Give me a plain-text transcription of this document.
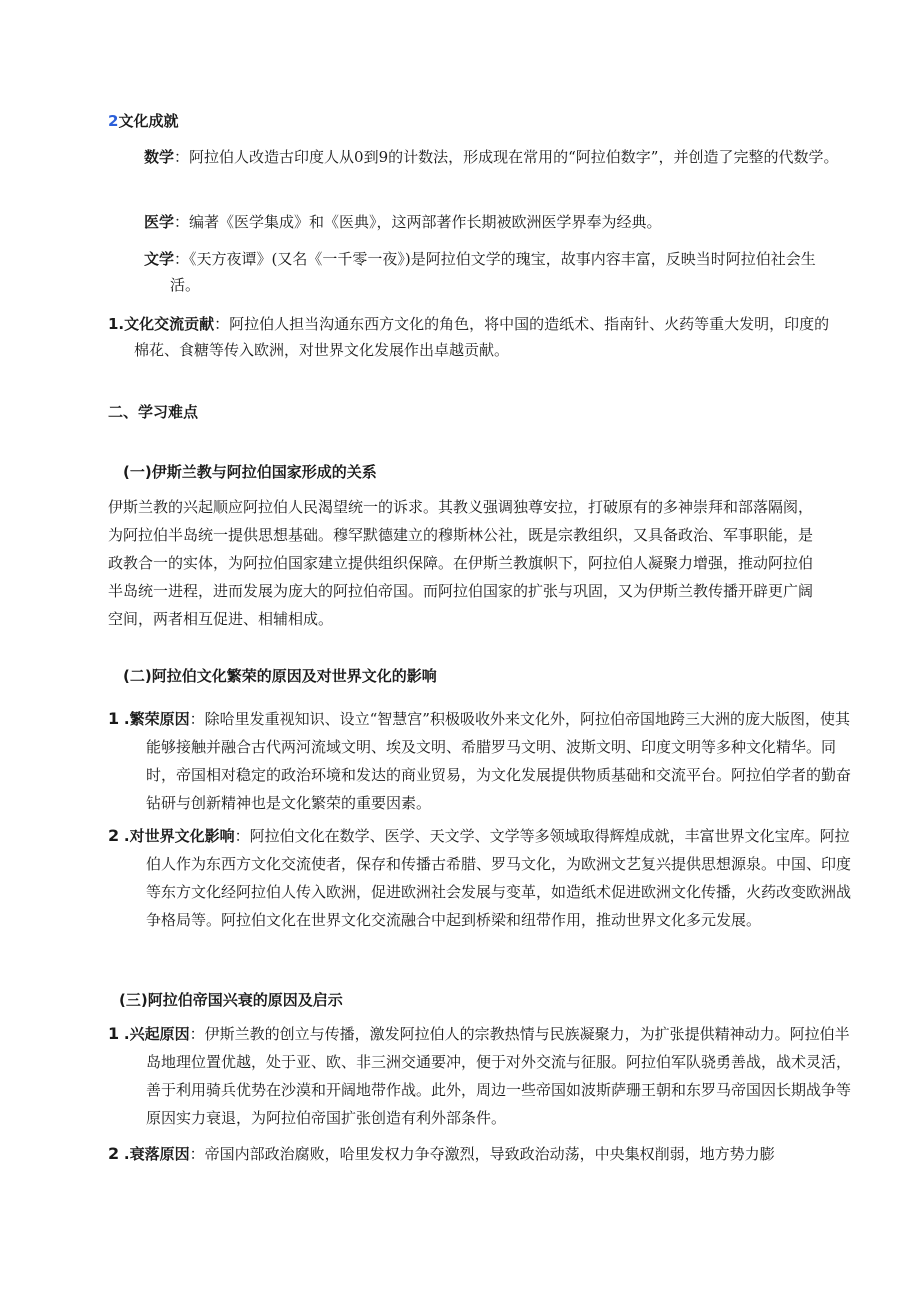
2文化成就
数学：阿拉伯人改造古印度人从0到9的计数法，形成现在常用的“阿拉伯数字”，并创造了完整的代数学。
医学：编著《医学集成》和《医典》，这两部著作长期被欧洲医学界奉为经典。
文学：《天方夜谭》(又名《一千零一夜》)是阿拉伯文学的瑰宝，故事内容丰富，反映当时阿拉伯社会生活。
1.文化交流贡献：阿拉伯人担当沟通东西方文化的角色，将中国的造纸术、指南针、火药等重大发明，印度的棉花、食糖等传入欧洲，对世界文化发展作出卓越贡献。
二、学习难点
(一)伊斯兰教与阿拉伯国家形成的关系
伊斯兰教的兴起顺应阿拉伯人民渴望统一的诉求。其教义强调独尊安拉，打破原有的多神崇拜和部落隔阂，为阿拉伯半岛统一提供思想基础。穆罕默德建立的穆斯林公社，既是宗教组织，又具备政治、军事职能，是政教合一的实体，为阿拉伯国家建立提供组织保障。在伊斯兰教旗帜下，阿拉伯人凝聚力增强，推动阿拉伯半岛统一进程，进而发展为庞大的阿拉伯帝国。而阿拉伯国家的扩张与巩固，又为伊斯兰教传播开辟更广阔空间，两者相互促进、相辅相成。
(二)阿拉伯文化繁荣的原因及对世界文化的影响
1 .繁荣原因：除哈里发重视知识、设立“智慧宫”积极吸收外来文化外，阿拉伯帝国地跨三大洲的庞大版图，使其能够接触并融合古代两河流域文明、埃及文明、希腊罗马文明、波斯文明、印度文明等多种文化精华。同时，帝国相对稳定的政治环境和发达的商业贸易，为文化发展提供物质基础和交流平台。阿拉伯学者的勤奋钻研与创新精神也是文化繁荣的重要因素。
2 .对世界文化影响：阿拉伯文化在数学、医学、天文学、文学等多领域取得辉煌成就，丰富世界文化宝库。阿拉伯人作为东西方文化交流使者，保存和传播古希腊、罗马文化，为欧洲文艺复兴提供思想源泉。中国、印度等东方文化经阿拉伯人传入欧洲，促进欧洲社会发展与变革，如造纸术促进欧洲文化传播，火药改变欧洲战争格局等。阿拉伯文化在世界文化交流融合中起到桥梁和纽带作用，推动世界文化多元发展。
(三)阿拉伯帝国兴衰的原因及启示
1 .兴起原因：伊斯兰教的创立与传播，激发阿拉伯人的宗教热情与民族凝聚力，为扩张提供精神动力。阿拉伯半岛地理位置优越，处于亚、欧、非三洲交通要冲，便于对外交流与征服。阿拉伯军队骁勇善战，战术灵活，善于利用骑兵优势在沙漠和开阔地带作战。此外，周边一些帝国如波斯萨珊王朝和东罗马帝国因长期战争等原因实力衰退，为阿拉伯帝国扩张创造有利外部条件。
2 .衰落原因：帝国内部政治腐败，哈里发权力争夺激烈，导致政治动荡，中央集权削弱，地方势力膨
